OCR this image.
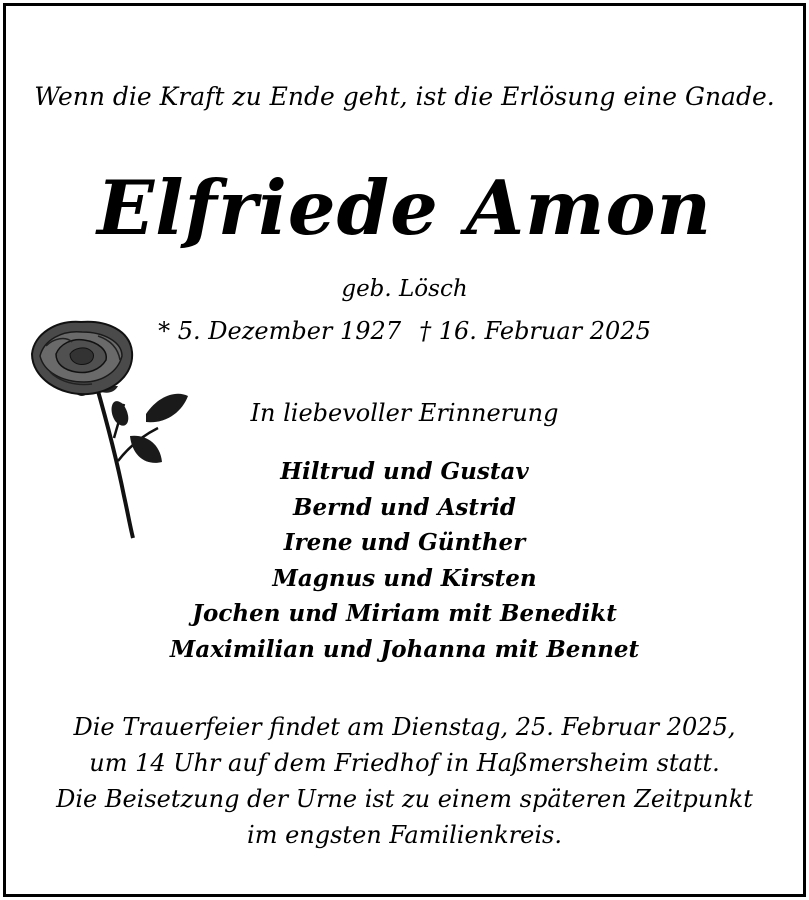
Wenn die Kraft zu Ende geht, ist die Erlösung eine Gnade.
Elfriede Amon
geb. Lösch
* 5. Dezember 1927 † 16. Februar 2025
In liebevoller Erinnerung
Hiltrud und Gustav
Bernd und Astrid
Irene und Günther
Magnus und Kirsten
Jochen und Miriam mit Benedikt
Maximilian und Johanna mit Bennet
Die Trauerfeier findet am Dienstag, 25. Februar 2025,
um 14 Uhr auf dem Friedhof in Haßmersheim statt.
Die Beisetzung der Urne ist zu einem späteren Zeitpunkt
im engsten Familienkreis.
